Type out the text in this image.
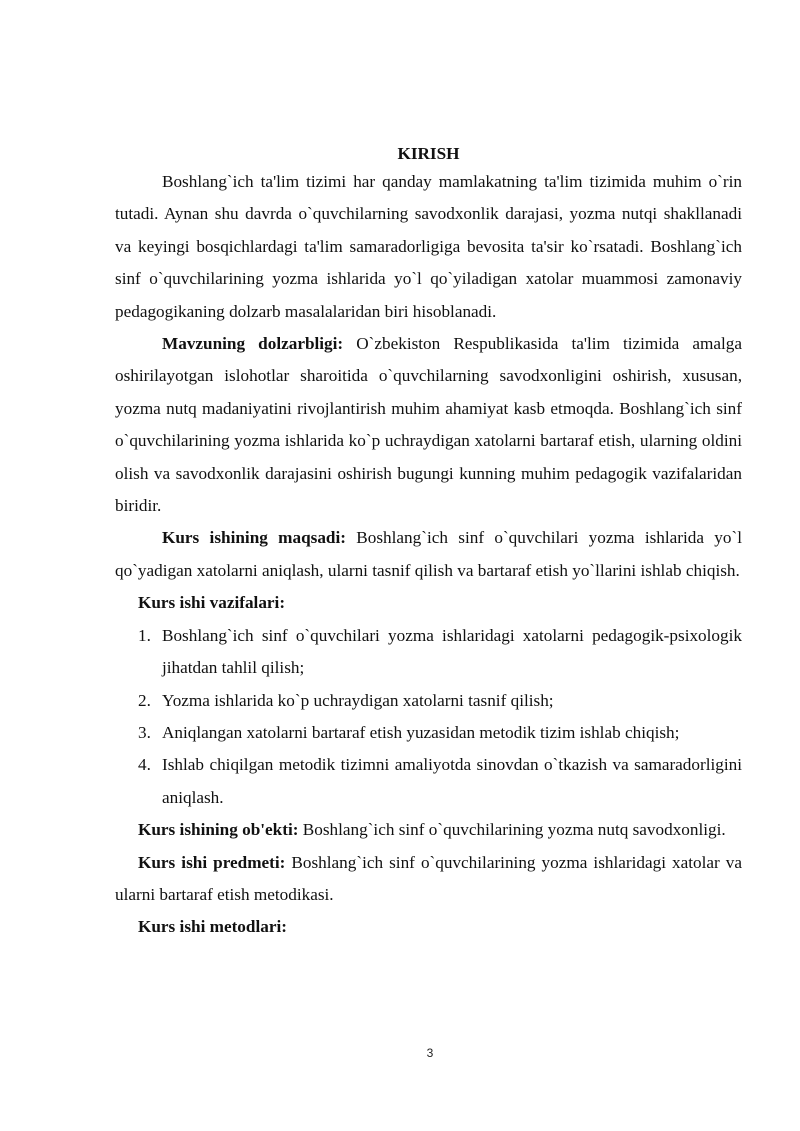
KIRISH

Boshlang`ich ta'lim tizimi har qanday mamlakatning ta'lim tizimida muhim o`rin tutadi. Aynan shu davrda o`quvchilarning savodxonlik darajasi, yozma nutqi shakllanadi va keyingi bosqichlardagi ta'lim samaradorligiga bevosita ta'sir ko`rsatadi. Boshlang`ich sinf o`quvchilarining yozma ishlarida yo`l qo`yiladigan xatolar muammosi zamonaviy pedagogikaning dolzarb masalalaridan biri hisoblanadi.

Mavzuning dolzarbligi: O`zbekiston Respublikasida ta'lim tizimida amalga oshirilayotgan islohotlar sharoitida o`quvchilarning savodxonligini oshirish, xususan, yozma nutq madaniyatini rivojlantirish muhim ahamiyat kasb etmoqda. Boshlang`ich sinf o`quvchilarining yozma ishlarida ko`p uchraydigan xatolarni bartaraf etish, ularning oldini olish va savodxonlik darajasini oshirish bugungi kunning muhim pedagogik vazifalaridan biridir.

Kurs ishining maqsadi: Boshlang`ich sinf o`quvchilari yozma ishlarida yo`l qo`yadigan xatolarni aniqlash, ularni tasnif qilish va bartaraf etish yo`llarini ishlab chiqish.

Kurs ishi vazifalari:

1. Boshlang`ich sinf o`quvchilari yozma ishlaridagi xatolarni pedagogik-psixologik jihatdan tahlil qilish;
2. Yozma ishlarida ko`p uchraydigan xatolarni tasnif qilish;
3. Aniqlangan xatolarni bartaraf etish yuzasidan metodik tizim ishlab chiqish;
4. Ishlab chiqilgan metodik tizimni amaliyotda sinovdan o`tkazish va samaradorligini aniqlash.

Kurs ishining ob'ekti: Boshlang`ich sinf o`quvchilarining yozma nutq savodxonligi.

Kurs ishi predmeti: Boshlang`ich sinf o`quvchilarining yozma ishlaridagi xatolar va ularni bartaraf etish metodikasi.

Kurs ishi metodlari:

3
